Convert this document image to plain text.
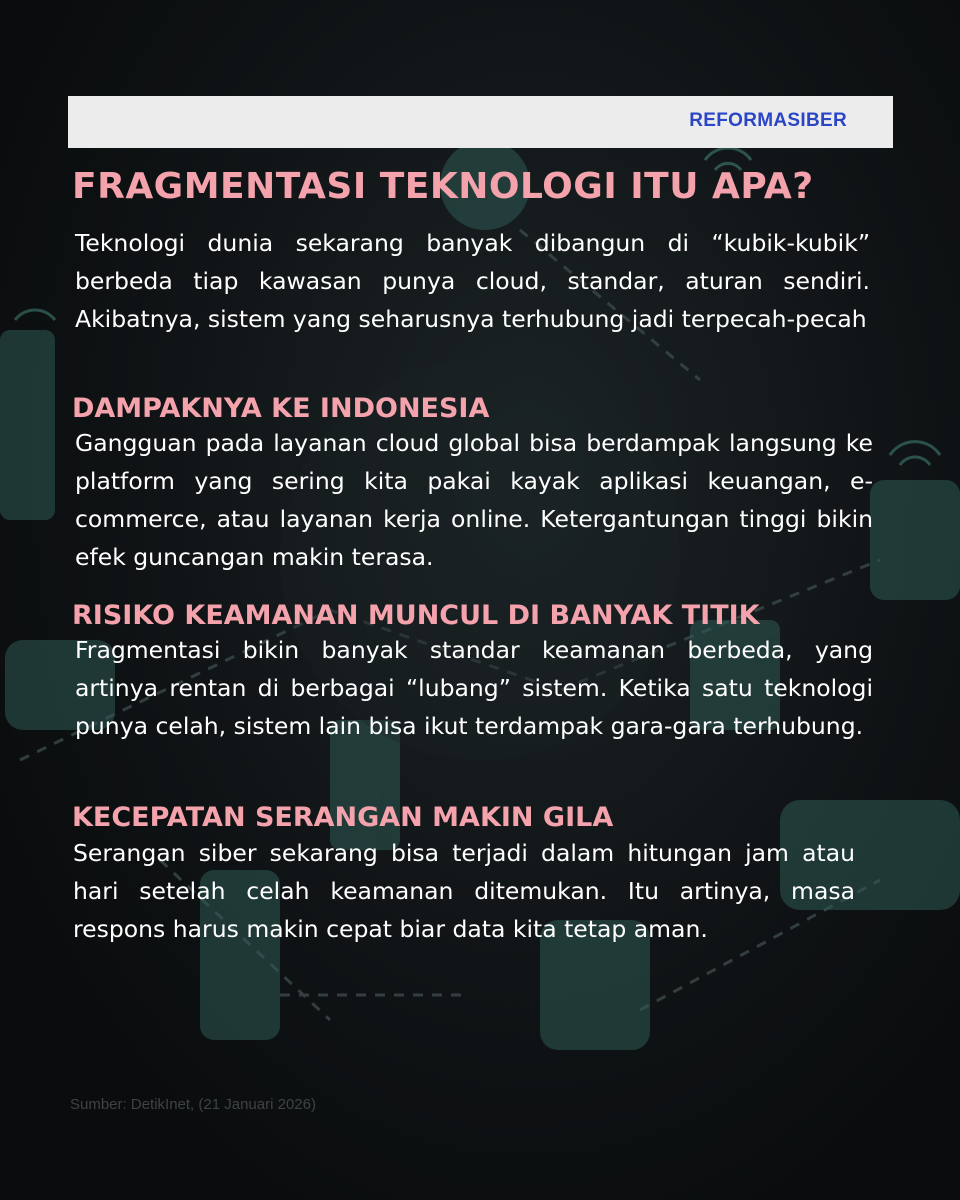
REFORMASIBER
FRAGMENTASI TEKNOLOGI ITU APA?

Teknologi dunia sekarang banyak dibangun di “kubik-kubik” berbeda tiap kawasan punya cloud, standar, aturan sendiri. Akibatnya, sistem yang seharusnya terhubung jadi terpecah-pecah

DAMPAKNYA KE INDONESIA

Gangguan pada layanan cloud global bisa berdampak langsung ke platform yang sering kita pakai kayak aplikasi keuangan, e-commerce, atau layanan kerja online. Ketergantungan tinggi bikin efek guncangan makin terasa.

RISIKO KEAMANAN MUNCUL DI BANYAK TITIK

Fragmentasi bikin banyak standar keamanan berbeda, yang artinya rentan di berbagai “lubang” sistem. Ketika satu teknologi punya celah, sistem lain bisa ikut terdampak gara-gara terhubung.

KECEPATAN SERANGAN MAKIN GILA

Serangan siber sekarang bisa terjadi dalam hitungan jam atau hari setelah celah keamanan ditemukan. Itu artinya, masa respons harus makin cepat biar data kita tetap aman.

Sumber: DetikInet, (21 Januari 2026)
